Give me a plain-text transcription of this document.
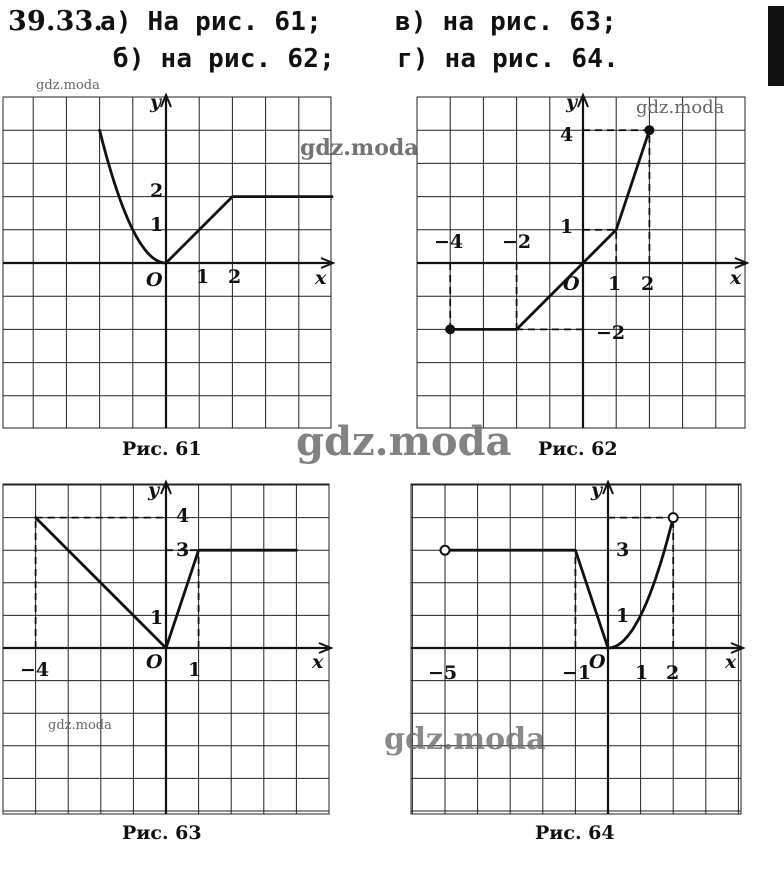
39.33.
а) На рис. 61;	в) на рис. 63;
б) на рис. 62; г) на рис. 64.
1 2
1
2
O	x
y
−4 −2
1 2
4
1
−2
O	x
y
−4	1
4
3
1
O	x
y
−5	−1 1 2
3
1
O	x
y
Рис. 61	Рис. 62
Рис. 63	Рис. 64
gdz.moda
gdz.moda
gdz.moda
gdz.moda
gdz.moda	gdz.moda
